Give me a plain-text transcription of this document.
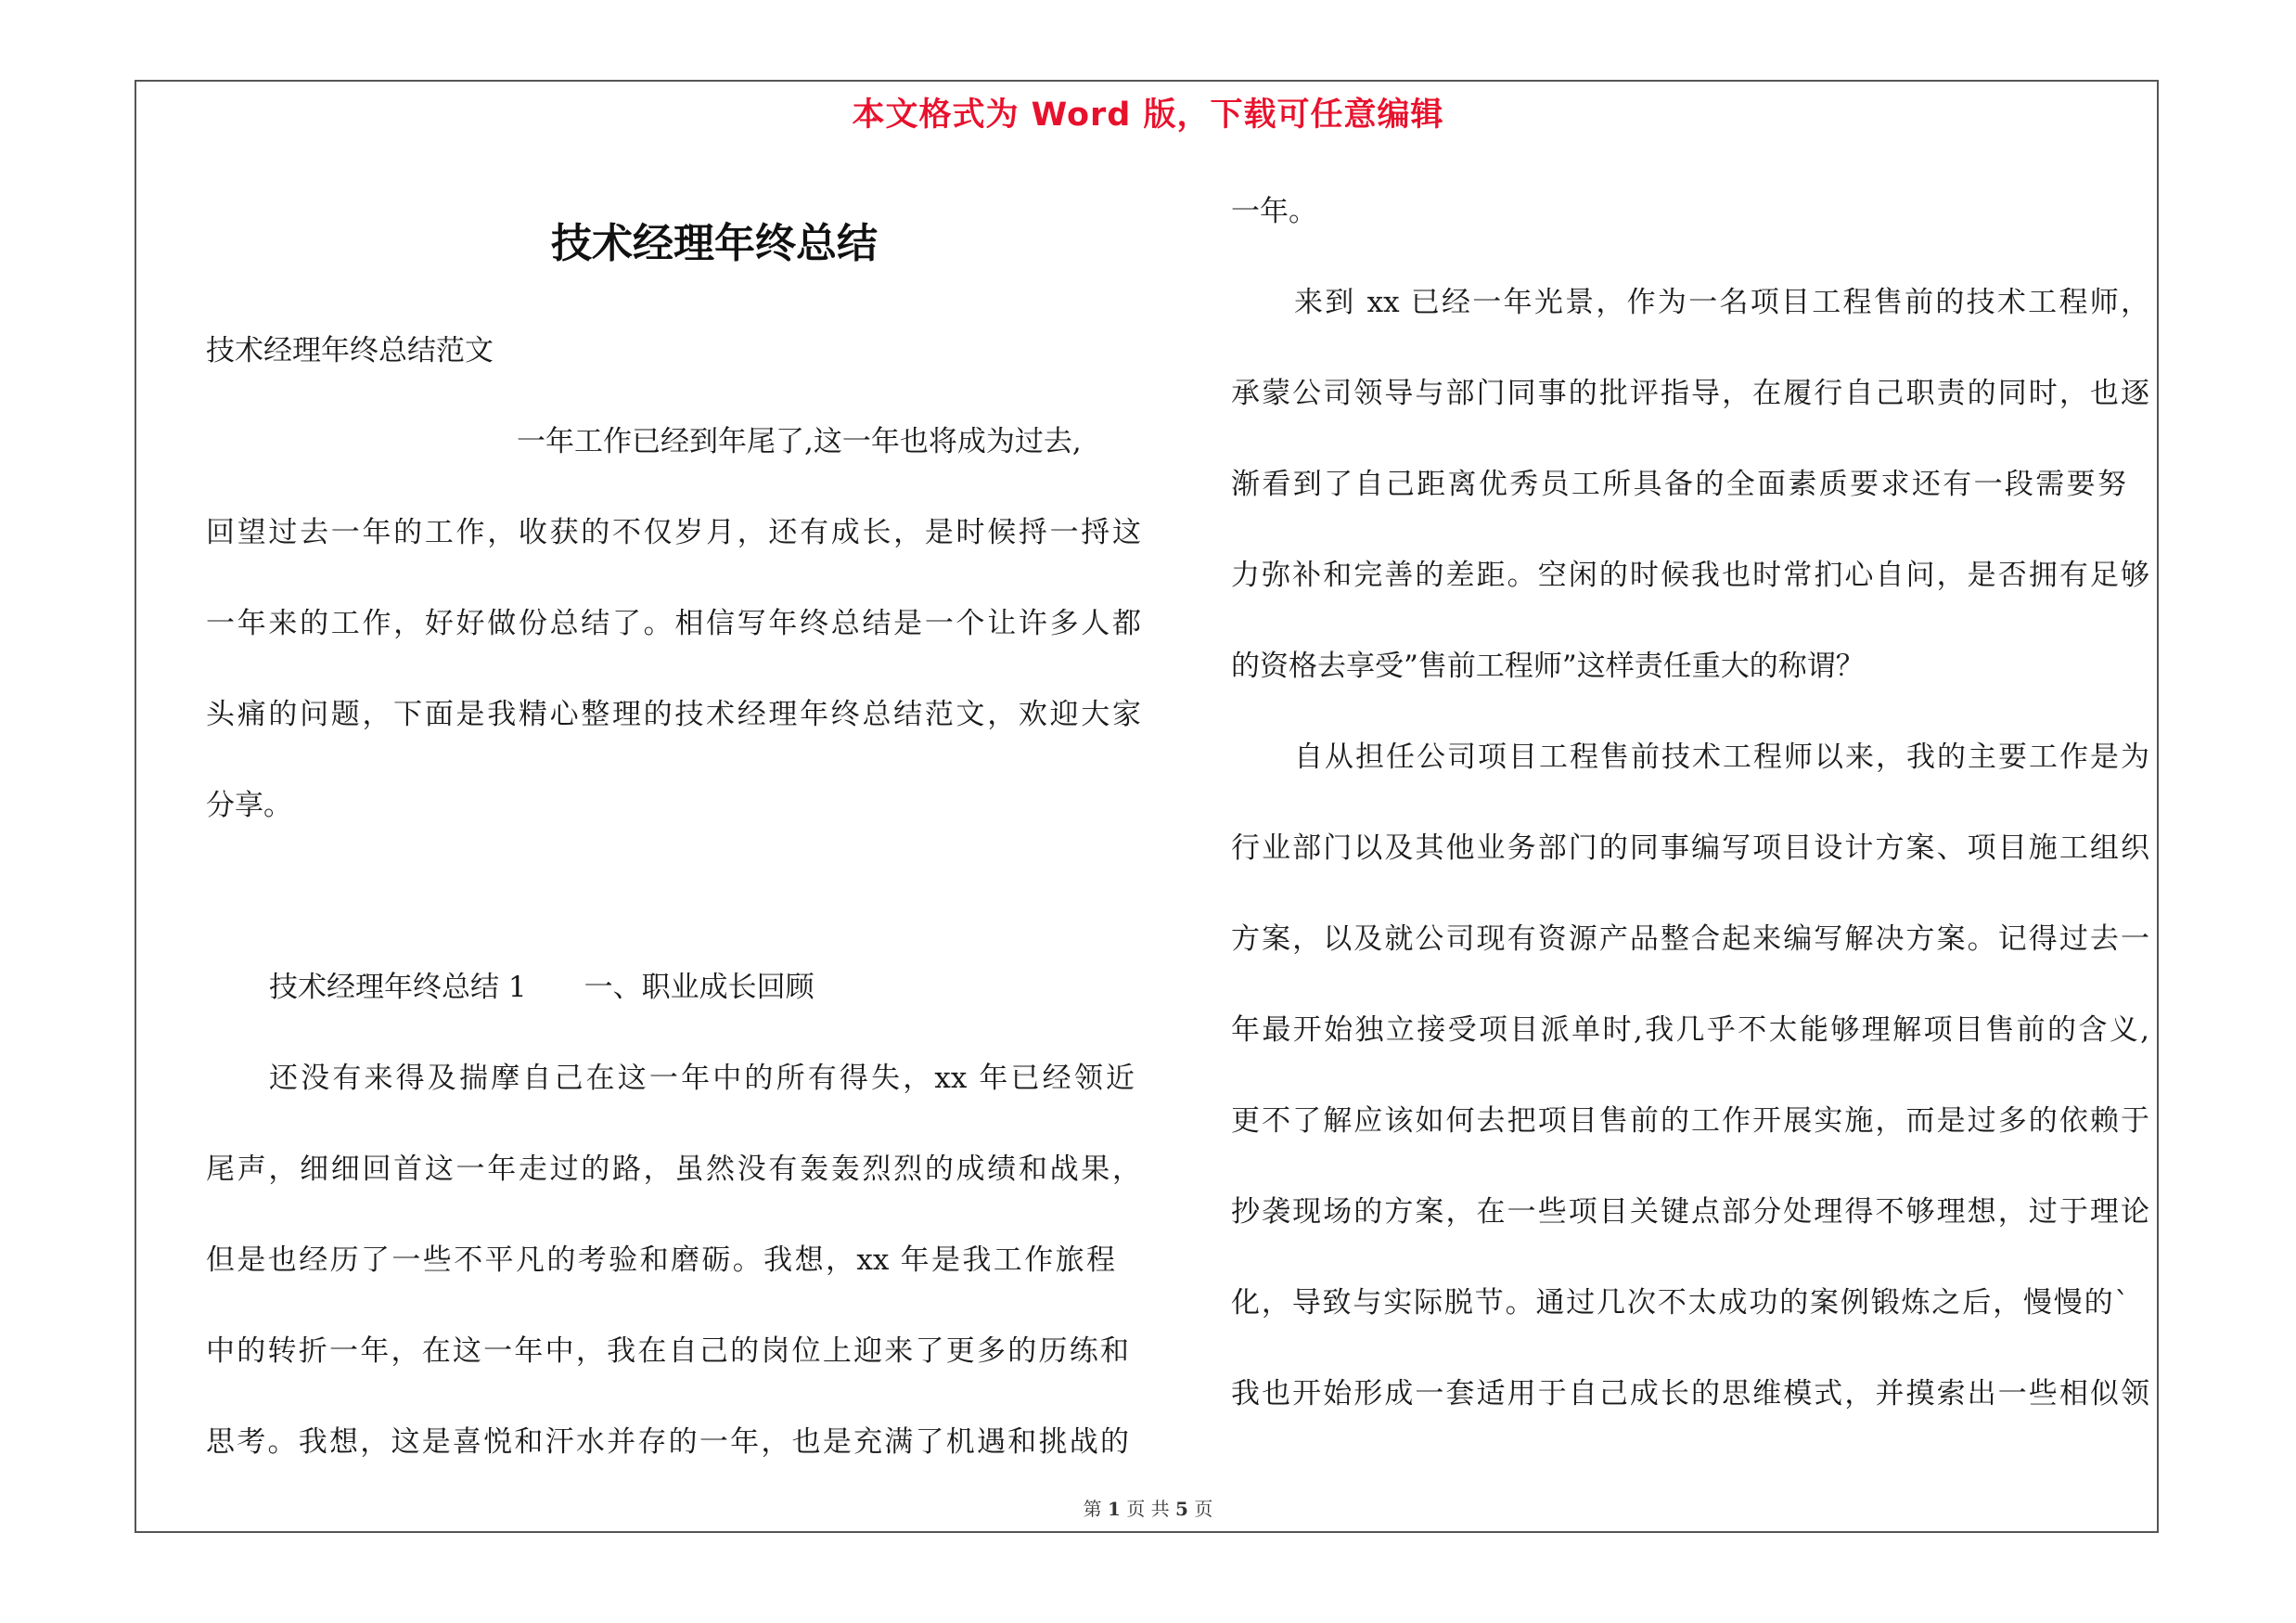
本文格式为 Word 版，下载可任意编辑
技术经理年终总结
技术经理年终总结范文
一年工作已经到年尾了,这一年也将成为过去,
回望过去一年的工作，收获的不仅岁月，还有成长，是时候捋一捋这
一年来的工作，好好做份总结了。相信写年终总结是一个让许多人都
头痛的问题，下面是我精心整理的技术经理年终总结范文，欢迎大家
分享。
技术经理年终总结 1　　一、职业成长回顾
还没有来得及揣摩自己在这一年中的所有得失，xx 年已经领近
尾声，细细回首这一年走过的路，虽然没有轰轰烈烈的成绩和战果，
但是也经历了一些不平凡的考验和磨砺。我想，xx 年是我工作旅程
中的转折一年，在这一年中，我在自己的岗位上迎来了更多的历练和
思考。我想，这是喜悦和汗水并存的一年，也是充满了机遇和挑战的
一年。
来到 xx 已经一年光景，作为一名项目工程售前的技术工程师，
承蒙公司领导与部门同事的批评指导，在履行自己职责的同时，也逐
渐看到了自己距离优秀员工所具备的全面素质要求还有一段需要努
力弥补和完善的差距。空闲的时候我也时常扪心自问，是否拥有足够
的资格去享受”售前工程师”这样责任重大的称谓？
自从担任公司项目工程售前技术工程师以来，我的主要工作是为
行业部门以及其他业务部门的同事编写项目设计方案、项目施工组织
方案，以及就公司现有资源产品整合起来编写解决方案。记得过去一
年最开始独立接受项目派单时,我几乎不太能够理解项目售前的含义,
更不了解应该如何去把项目售前的工作开展实施，而是过多的依赖于
抄袭现场的方案，在一些项目关键点部分处理得不够理想，过于理论
化，导致与实际脱节。通过几次不太成功的案例锻炼之后，慢慢的`
我也开始形成一套适用于自己成长的思维模式，并摸索出一些相似领
第 1 页 共 5 页
